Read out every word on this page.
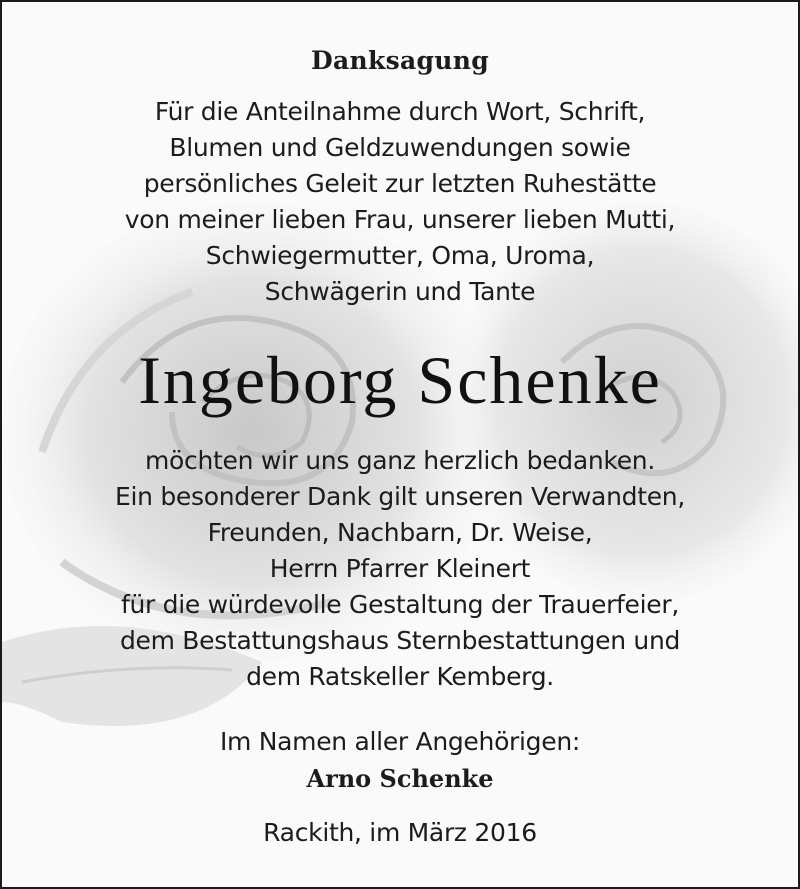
Danksagung
Für die Anteilnahme durch Wort, Schrift,
Blumen und Geldzuwendungen sowie
persönliches Geleit zur letzten Ruhestätte
von meiner lieben Frau, unserer lieben Mutti,
Schwiegermutter, Oma, Uroma,
Schwägerin und Tante
Ingeborg Schenke
möchten wir uns ganz herzlich bedanken.
Ein besonderer Dank gilt unseren Verwandten,
Freunden, Nachbarn, Dr. Weise,
Herrn Pfarrer Kleinert
für die würdevolle Gestaltung der Trauerfeier,
dem Bestattungshaus Sternbestattungen und
dem Ratskeller Kemberg.
Im Namen aller Angehörigen:
Arno Schenke
Rackith, im März 2016
